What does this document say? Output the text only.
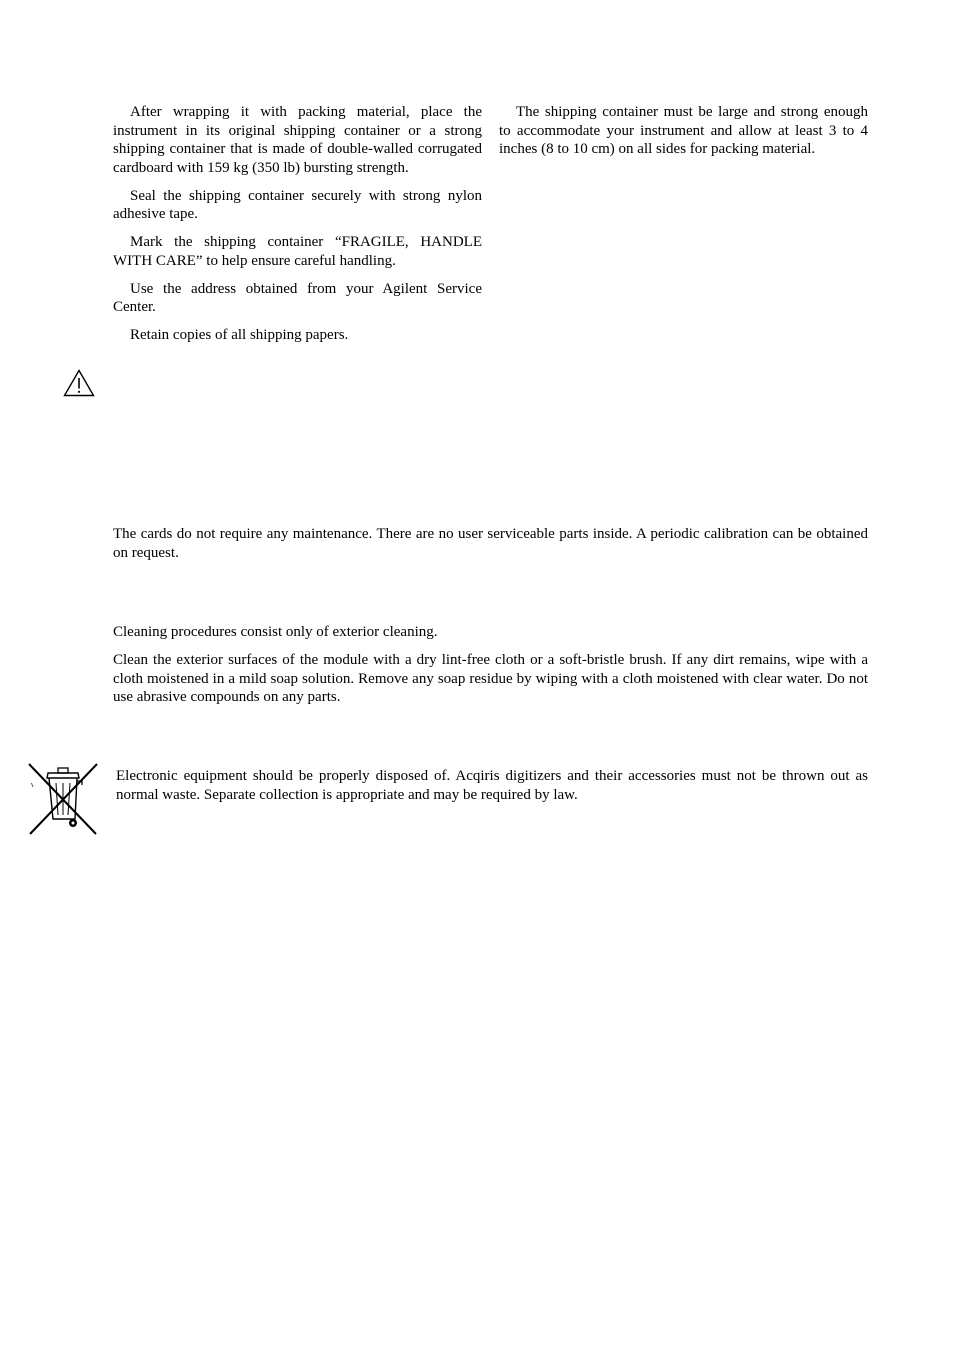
After wrapping it with packing material, place the instrument in its original shipping container or a strong shipping container that is made of double-walled corrugated cardboard with 159 kg (350 lb) bursting strength.

Seal the shipping container securely with strong nylon adhesive tape.

Mark the shipping container “FRAGILE, HANDLE WITH CARE” to help ensure careful handling.

Use the address obtained from your Agilent Service Center.

Retain copies of all shipping papers.

The shipping container must be large and strong enough to accommodate your instrument and allow at least 3 to 4 inches (8 to 10 cm) on all sides for packing material.

The cards do not require any maintenance. There are no user serviceable parts inside. A periodic calibration can be obtained on request.

Cleaning procedures consist only of exterior cleaning.

Clean the exterior surfaces of the module with a dry lint-free cloth or a soft-bristle brush. If any dirt remains, wipe with a cloth moistened in a mild soap solution. Remove any soap residue by wiping with a cloth moistened with clear water. Do not use abrasive compounds on any parts.

Electronic equipment should be properly disposed of. Acqiris digitizers and their accessories must not be thrown out as normal waste. Separate collection is appropriate and may be required by law.
